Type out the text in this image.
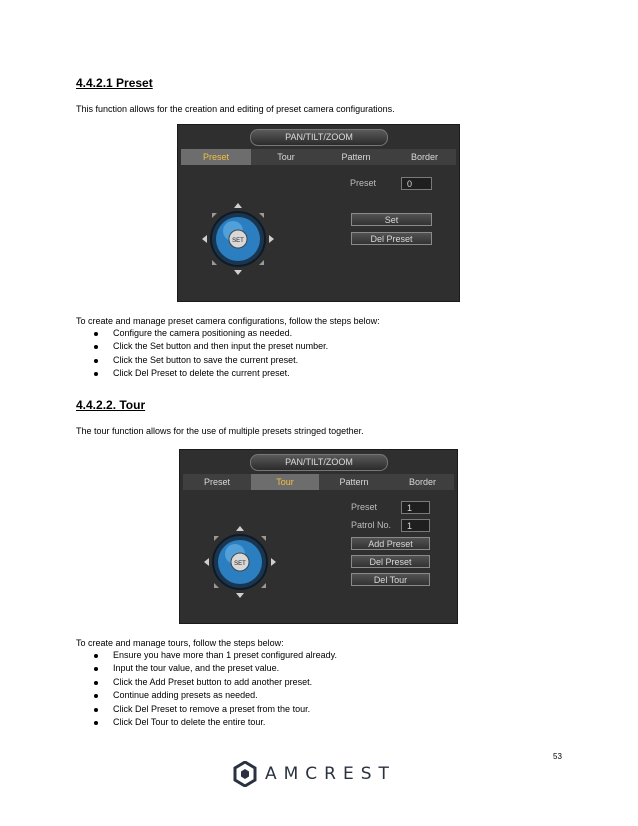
4.4.2.1 Preset
This function allows for the creation and editing of preset camera configurations.
PAN/TILT/ZOOM
Preset	Tour	Pattern	Border
SET
Preset	0
Set
Del Preset
To create and manage preset camera configurations, follow the steps below:
Configure the camera positioning as needed.
Click the Set button and then input the preset number.
Click the Set button to save the current preset.
Click Del Preset to delete the current preset.
4.4.2.2. Tour
The tour function allows for the use of multiple presets stringed together.
PAN/TILT/ZOOM
Preset	Tour	Pattern	Border
SET
Preset	1
Patrol No.	1
Add Preset
Del Preset
Del Tour
To create and manage tours, follow the steps below:
Ensure you have more than 1 preset configured already.
Input the tour value, and the preset value.
Click the Add Preset button to add another preset.
Continue adding presets as needed.
Click Del Preset to remove a preset from the tour.
Click Del Tour to delete the entire tour.
53
AMCREST
